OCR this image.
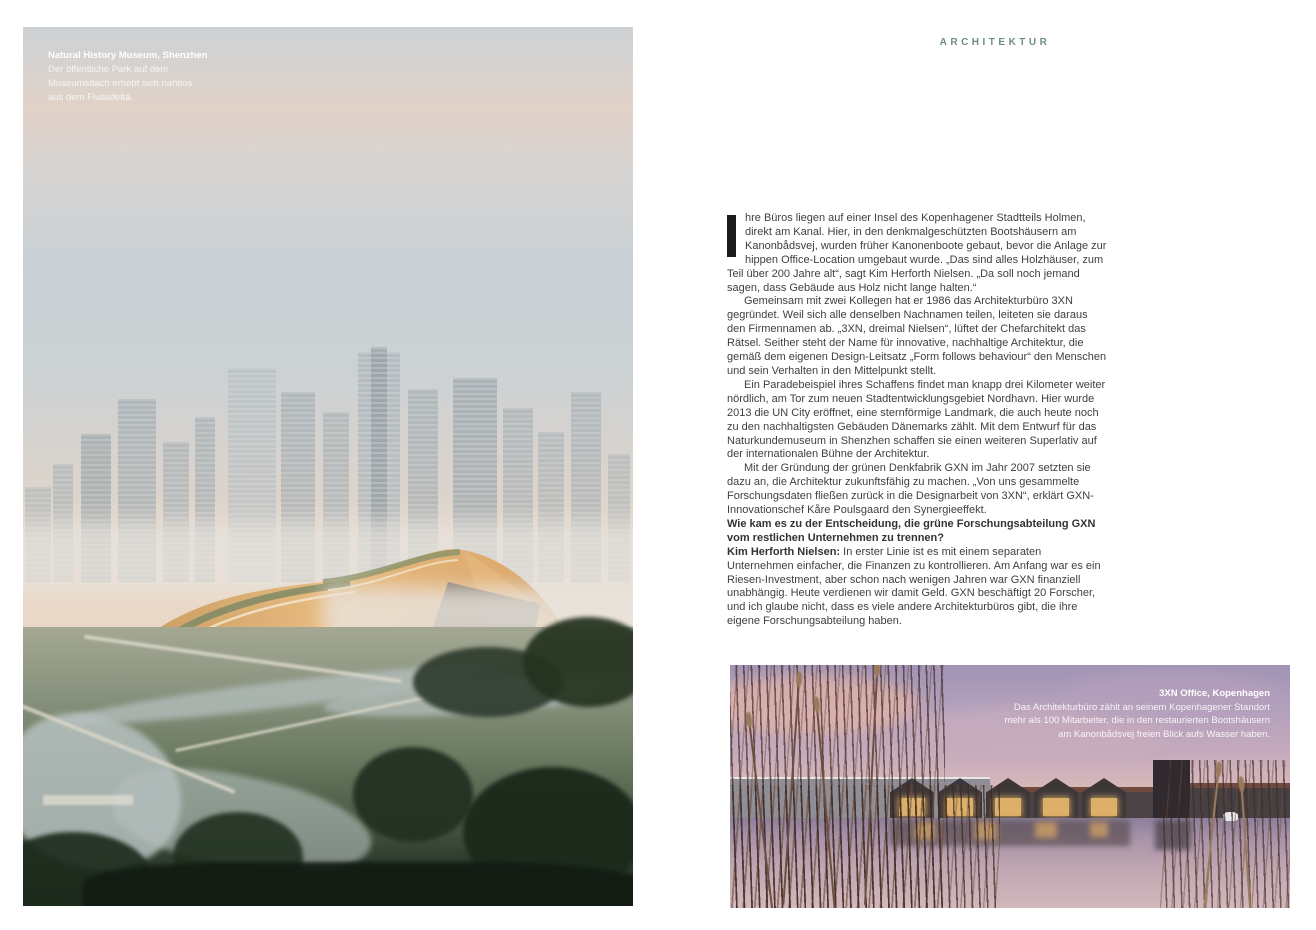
Natural History Museum, Shenzhen
Der öffentliche Park auf dem
Museumsdach erhebt sich nahtlos
aus dem Flussdelta.
ARCHITEKTUR

hre Büros liegen auf einer Insel des Kopenhagener Stadtteils Holmen, direkt am Kanal. Hier, in den denkmalgeschützten Bootshäusern am Kanonbådsvej, wurden früher Kanonenboote gebaut, bevor die Anlage zur hippen Office-Location umgebaut wurde. „Das sind alles Holzhäuser, zum Teil über 200 Jahre alt“, sagt Kim Herforth Nielsen. „Da soll noch jemand sagen, dass Gebäude aus Holz nicht lange halten.“

Gemeinsam mit zwei Kollegen hat er 1986 das Architekturbüro 3XN gegründet. Weil sich alle denselben Nachnamen teilen, leiteten sie daraus den Firmennamen ab. „3XN, dreimal Nielsen“, lüftet der Chefarchitekt das Rätsel. Seither steht der Name für innovative, nachhaltige Architektur, die gemäß dem eigenen Design-Leitsatz „Form follows behaviour“ den Menschen und sein Verhalten in den Mittelpunkt stellt.

Ein Paradebeispiel ihres Schaffens findet man knapp drei Kilometer weiter nördlich, am Tor zum neuen Stadtentwicklungsgebiet Nordhavn. Hier wurde 2013 die UN City eröffnet, eine sternförmige Landmark, die auch heute noch zu den nachhaltigsten Gebäuden Dänemarks zählt. Mit dem Entwurf für das Naturkundemuseum in Shenzhen schaffen sie einen weiteren Superlativ auf der internationalen Bühne der Architektur.

Mit der Gründung der grünen Denkfabrik GXN im Jahr 2007 setzten sie dazu an, die Architektur zukunftsfähig zu machen. „Von uns gesammelte Forschungsdaten fließen zurück in die Designarbeit von 3XN“, erklärt GXN-Innovationschef Kåre Poulsgaard den Synergieeffekt.

Wie kam es zu der Entscheidung, die grüne Forschungsabteilung GXN vom restlichen Unternehmen zu trennen?

Kim Herforth Nielsen: In erster Linie ist es mit einem separaten Unternehmen einfacher, die Finanzen zu kontrollieren. Am Anfang war es ein Riesen-Investment, aber schon nach wenigen Jahren war GXN finanziell unabhängig. Heute verdienen wir damit Geld. GXN beschäftigt 20 Forscher, und ich glaube nicht, dass es viele andere Architekturbüros gibt, die ihre eigene Forschungsabteilung haben.

3XN Office, Kopenhagen
Das Architekturbüro zählt an seinem Kopenhagener Standort
mehr als 100 Mitarbeiter, die in den restaurierten Bootshäusern
am Kanonbådsvej freien Blick aufs Wasser haben.
